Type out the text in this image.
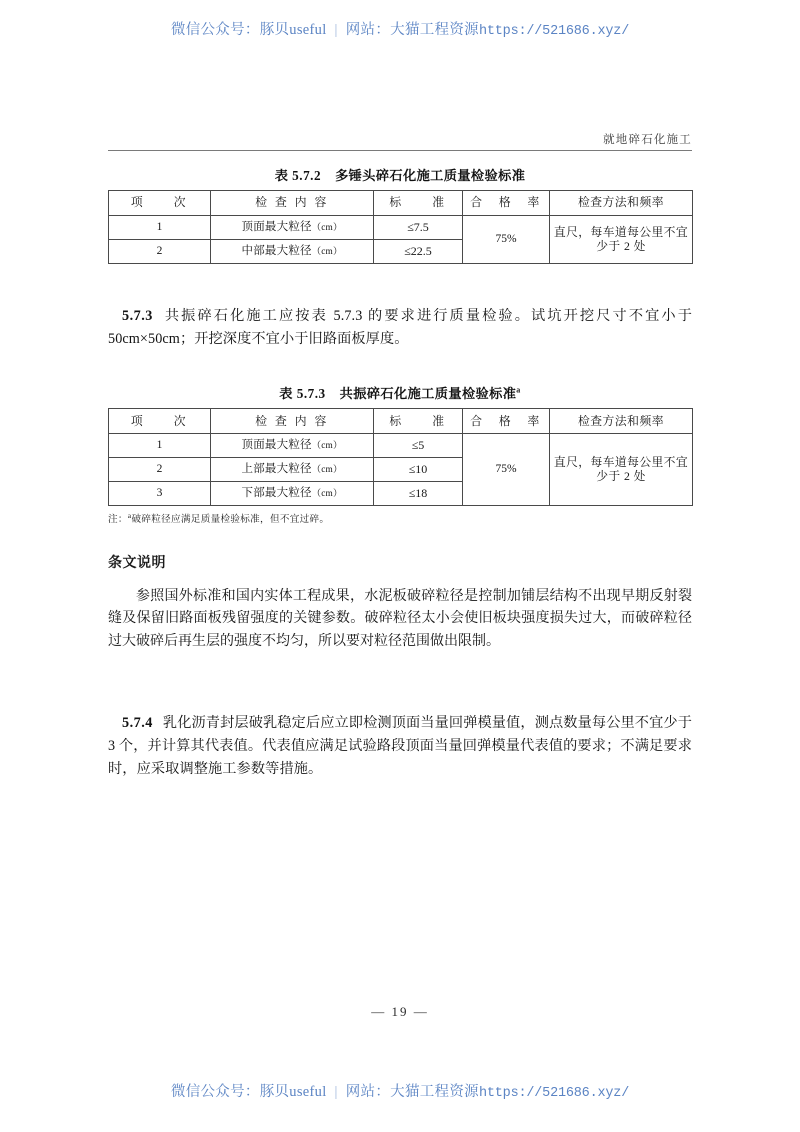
微信公众号：豚贝useful | 网站：大猫工程资源https://521686.xyz/
就地碎石化施工
表 5.7.2 多锤头碎石化施工质量检验标准
项　　次	检 查 内 容	标　　准	合　格　率	检查方法和频率
1	顶面最大粒径（cm）	≤7.5	75%	直尺，每车道每公里不宜少于 2 处
2	中部最大粒径（cm）	≤22.5		

5.7.3 共振碎石化施工应按表 5.7.3 的要求进行质量检验。试坑开挖尺寸不宜小于 50cm×50cm；开挖深度不宜小于旧路面板厚度。

表 5.7.3 共振碎石化施工质量检验标准$^a$
项　　次	检 查 内 容	标　　准	合　格　率	检查方法和频率
1	顶面最大粒径（cm）	≤5	75%	直尺，每车道每公里不宜少于 2 处
2	上部最大粒径（cm）	≤10		
3	下部最大粒径（cm）	≤18		
注：$^a$破碎粒径应满足质量检验标准，但不宜过碎。
条文说明

参照国外标准和国内实体工程成果，水泥板破碎粒径是控制加铺层结构不出现早期反射裂缝及保留旧路面板残留强度的关键参数。破碎粒径太小会使旧板块强度损失过大，而破碎粒径过大破碎后再生层的强度不均匀，所以要对粒径范围做出限制。

5.7.4 乳化沥青封层破乳稳定后应立即检测顶面当量回弹模量值，测点数量每公里不宜少于 3 个，并计算其代表值。代表值应满足试验路段顶面当量回弹模量代表值的要求；不满足要求时，应采取调整施工参数等措施。

— 19 —
微信公众号：豚贝useful | 网站：大猫工程资源https://521686.xyz/
